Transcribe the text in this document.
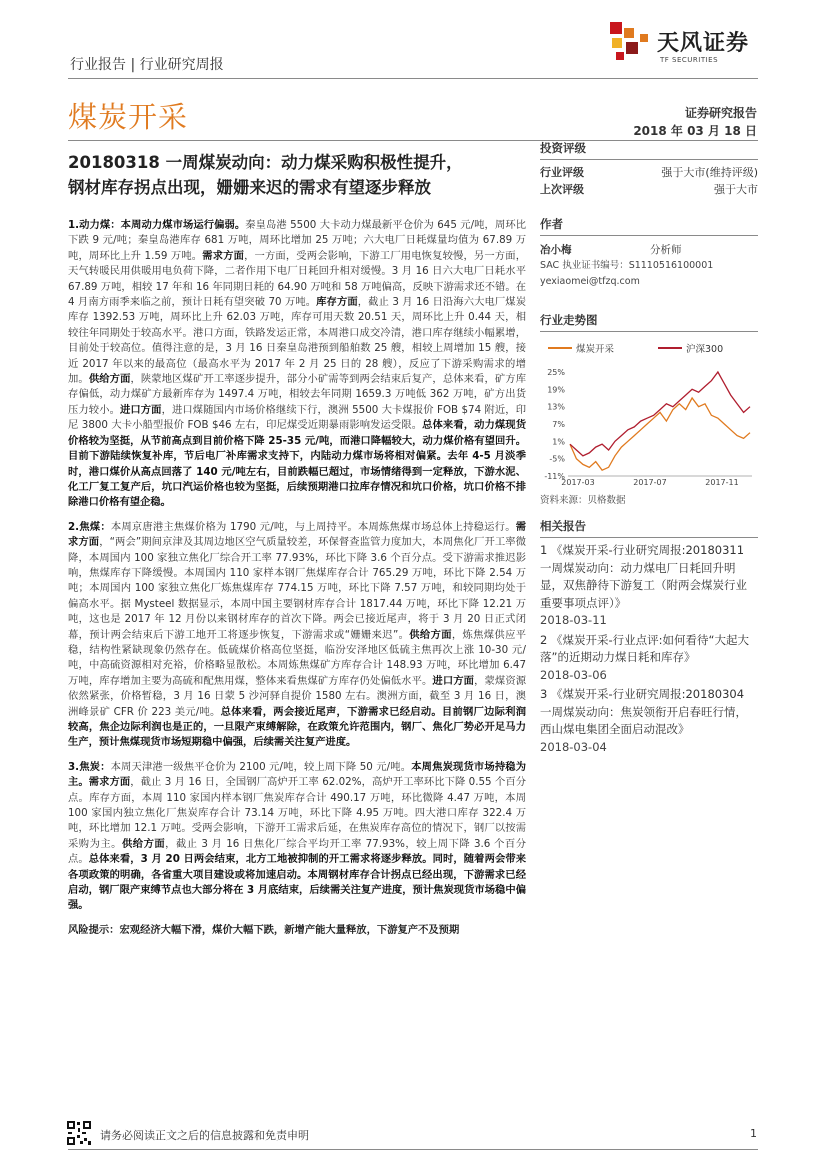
天风证券
TF SECURITIES
行业报告 | 行业研究周报
煤炭开采	证券研究报告
2018 年 03 月 18 日
20180318 一周煤炭动向：动力煤采购积极性提升，
钢材库存拐点出现，姗姗来迟的需求有望逐步释放

1.动力煤：本周动力煤市场运行偏弱。秦皇岛港 5500 大卡动力煤最新平仓价为 645 元/吨，周环比下跌 9 元/吨；秦皇岛港库存 681 万吨，周环比增加 25 万吨；六大电厂日耗煤量均值为 67.89 万吨，周环比上升 1.59 万吨。需求方面，一方面，受两会影响，下游工厂用电恢复较慢，另一方面，天气转暖民用供暖用电负荷下降，二者作用下电厂日耗回升相对缓慢。3 月 16 日六大电厂日耗水平 67.89 万吨，相较 17 年和 16 年同期日耗的 64.90 万吨和 58 万吨偏高，反映下游需求还不错。在 4 月南方雨季来临之前，预计日耗有望突破 70 万吨。库存方面，截止 3 月 16 日沿海六大电厂煤炭库存 1392.53 万吨，周环比上升 62.03 万吨，库存可用天数 20.51 天，周环比上升 0.44 天，相较往年同期处于较高水平。港口方面，铁路发运正常，本周港口成交冷清，港口库存继续小幅累增，目前处于较高位。值得注意的是，3 月 16 日秦皇岛港预到船舶数 25 艘，相较上周增加 15 艘，接近 2017 年以来的最高位（最高水平为 2017 年 2 月 25 日的 28 艘），反应了下游采购需求的增加。供给方面，陕蒙地区煤矿开工率逐步提升，部分小矿需等到两会结束后复产，总体来看，矿方库存偏低，动力煤矿方最新库存为 1497.4 万吨，相较去年同期 1659.3 万吨低 362 万吨，矿方出货压力较小。进口方面，进口煤随国内市场价格继续下行，澳洲 5500 大卡煤报价 FOB $74 附近，印尼 3800 大卡小船型报价 FOB $46 左右，印尼煤受近期暴雨影响发运受限。总体来看，动力煤现货价格较为坚挺，从节前高点到目前价格下降 25-35 元/吨，而港口降幅较大，动力煤价格有望回升。目前下游陆续恢复补库，节后电厂补库需求支持下，内陆动力煤市场将相对偏紧。去年 4-5 月淡季时，港口煤价从高点回落了 140 元/吨左右，目前跌幅已超过，市场情绪得到一定释放，下游水泥、化工厂复工复产后，坑口汽运价格也较为坚挺，后续预期港口拉库存情况和坑口价格，坑口价格不排除港口价格有望企稳。

2.焦煤：本周京唐港主焦煤价格为 1790 元/吨，与上周持平。本周炼焦煤市场总体上持稳运行。需求方面，“两会”期间京津及其周边地区空气质量较差，环保督查监管力度加大，本周焦化厂开工率微降，本周国内 100 家独立焦化厂综合开工率 77.93%，环比下降 3.6 个百分点。受下游需求推迟影响，焦煤库存下降缓慢。本周国内 110 家样本钢厂焦煤库存合计 765.29 万吨，环比下降 2.54 万吨；本周国内 100 家独立焦化厂炼焦煤库存 774.15 万吨，环比下降 7.57 万吨，和较同期均处于偏高水平。据 Mysteel 数据显示，本周中国主要钢材库存合计 1817.44 万吨，环比下降 12.21 万吨，这也是 2017 年 12 月份以来钢材库存的首次下降。两会已接近尾声，将于 3 月 20 日正式闭幕，预计两会结束后下游工地开工将逐步恢复，下游需求或“姗姗来迟”。供给方面，炼焦煤供应平稳，结构性紧缺现象仍然存在。低硫煤价格高位坚挺，临汾安泽地区低硫主焦再次上涨 10-30 元/吨，中高硫资源相对充裕，价格略显散松。本周炼焦煤矿方库存合计 148.93 万吨，环比增加 6.47 万吨，库存增加主要为高硫和配焦用煤，整体来看焦煤矿方库存仍处偏低水平。进口方面，蒙煤资源依然紧张，价格暂稳，3 月 16 日蒙 5 沙河驿自提价 1580 左右。澳洲方面，截至 3 月 16 日，澳洲峰景矿 CFR 价 223 美元/吨。总体来看，两会接近尾声，下游需求已经启动。目前钢厂边际利润较高，焦企边际利润也是正的，一旦限产束缚解除，在政策允许范围内，钢厂、焦化厂势必开足马力生产，预计焦煤现货市场短期稳中偏强，后续需关注复产进度。

3.焦炭：本周天津港一级焦平仓价为 2100 元/吨，较上周下降 50 元/吨。本周焦炭现货市场持稳为主。需求方面，截止 3 月 16 日，全国钢厂高炉开工率 62.02%，高炉开工率环比下降 0.55 个百分点。库存方面，本周 110 家国内样本钢厂焦炭库存合计 490.17 万吨，环比微降 4.47 万吨，本周 100 家国内独立焦化厂焦炭库存合计 73.14 万吨，环比下降 4.95 万吨。四大港口库存 322.4 万吨，环比增加 12.1 万吨。受两会影响，下游开工需求后延，在焦炭库存高位的情况下，钢厂以按需采购为主。供给方面，截止 3 月 16 日焦化厂综合平均开工率 77.93%，较上周下降 3.6 个百分点。总体来看，3 月 20 日两会结束，北方工地被抑制的开工需求将逐步释放。同时，随着两会带来各项政策的明确，各省重大项目建设或将加速启动。本周钢材库存合计拐点已经出现，下游需求已经启动，钢厂限产束缚节点也大部分将在 3 月底结束，后续需关注复产进度，预计焦炭现货市场稳中偏强。

风险提示：宏观经济大幅下滑，煤价大幅下跌，新增产能大量释放，下游复产不及预期

投资评级
行业评级	强于大市(维持评级)
上次评级	强于大市
作者
冶小梅	分析师
SAC 执业证书编号：S1110516100001
yexiaomei@tfzq.com
行业走势图
煤炭开采	沪深300
25%
19%
13%
7%
1%
-5%
-11%
2017-03	2017-07	2017-11
资料来源：贝格数据
相关报告
1 《煤炭开采-行业研究周报:20180311 一周煤炭动向：动力煤电厂日耗回升明显，双焦静待下游复工（附两会煤炭行业重要事项点评）》
2018-03-11
2 《煤炭开采-行业点评:如何看待“大起大落”的近期动力煤日耗和库存》
2018-03-06
3 《煤炭开采-行业研究周报:20180304 一周煤炭动向：焦炭领衔开启春旺行情，西山煤电集团全面启动混改》
2018-03-04
请务必阅读正文之后的信息披露和免责申明	1
